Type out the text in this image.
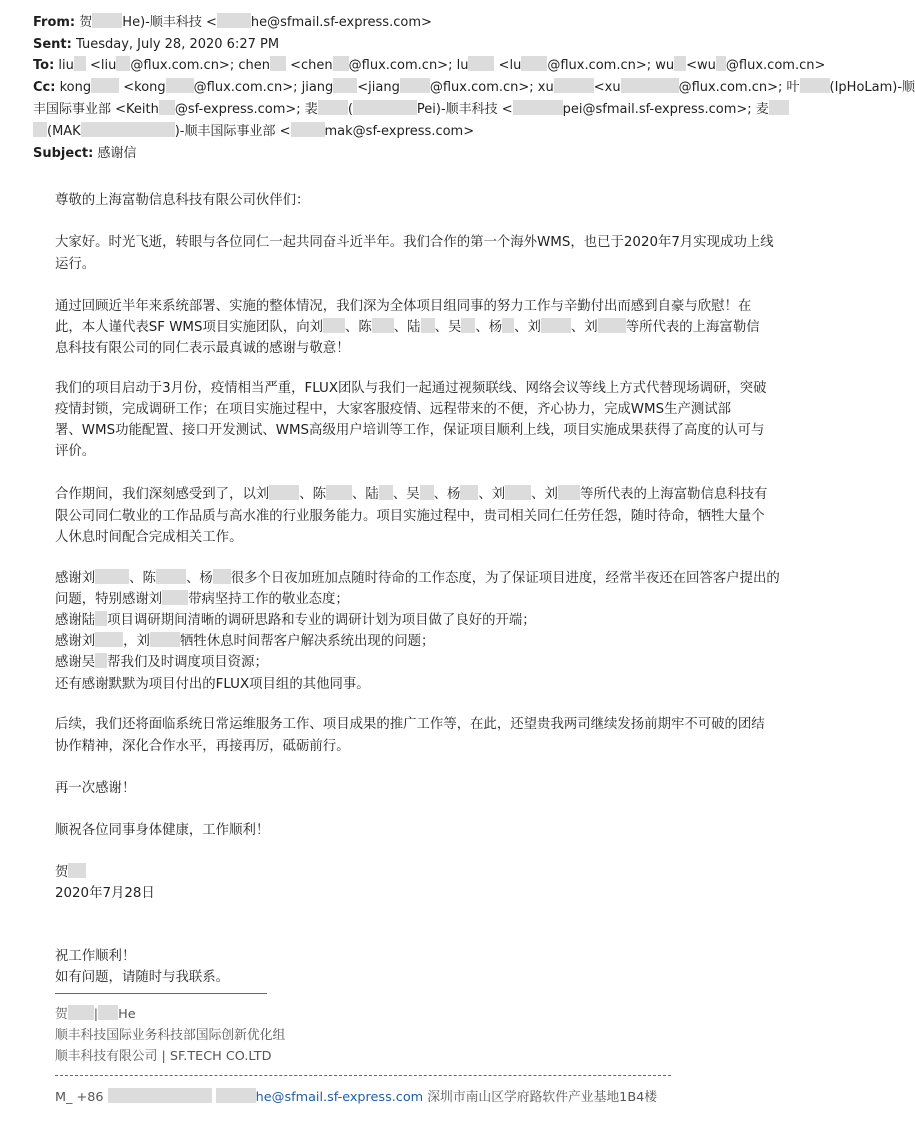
From: 贺 He)-顺丰科技 <	he@sfmail.sf-express.com>
Sent: Tuesday, July 28, 2020 6:27 PM
To: liu <liu @flux.com.cn>; chen <chen @flux.com.cn>; lu <lu @flux.com.cn>; wu <wu @flux.com.cn>
Cc: kong <kong @flux.com.cn>; jiang <jiang @flux.com.cn>; xu	<xu	@flux.com.cn>; 叶 (IpHoLam)-顺
丰国际事业部 <Keith @sf-express.com>; 裴 (	Pei)-顺丰科技 <	pei@sfmail.sf-express.com>; 麦
(MAK	)-顺丰国际事业部 <	mak@sf-express.com>
Subject: 感谢信
尊敬的上海富勒信息科技有限公司伙伴们：
大家好。时光飞逝，转眼与各位同仁一起共同奋斗近半年。我们合作的第一个海外WMS，也已于2020年7月实现成功上线
运行。
通过回顾近半年来系统部署、实施的整体情况，我们深为全体项目组同事的努力工作与辛勤付出而感到自豪与欣慰！在
此，本人谨代表SF WMS项目实施团队，向刘 、陈 、陆 、吴 、杨 、刘 、刘 等所代表的上海富勒信
息科技有限公司的同仁表示最真诚的感谢与敬意！
我们的项目启动于3月份，疫情相当严重，FLUX团队与我们一起通过视频联线、网络会议等线上方式代替现场调研，突破
疫情封锁，完成调研工作；在项目实施过程中，大家客服疫情、远程带来的不便，齐心协力，完成WMS生产测试部
署、WMS功能配置、接口开发测试、WMS高级用户培训等工作，保证项目顺利上线，项目实施成果获得了高度的认可与
评价。
合作期间，我们深刻感受到了，以刘 、陈 、陆 、吴 、杨 、刘 、刘 等所代表的上海富勒信息科技有
限公司同仁敬业的工作品质与高水准的行业服务能力。项目实施过程中，贵司相关同仁任劳任怨，随时待命，牺牲大量个
人休息时间配合完成相关工作。
感谢刘	、陈 、杨 很多个日夜加班加点随时待命的工作态度，为了保证项目进度，经常半夜还在回答客户提出的
问题，特别感谢刘 带病坚持工作的敬业态度；
感谢陆 项目调研期间清晰的调研思路和专业的调研计划为项目做了良好的开端；
感谢刘 ，刘 牺牲休息时间帮客户解决系统出现的问题；
感谢吴 帮我们及时调度项目资源；
还有感谢默默为项目付出的FLUX项目组的其他同事。
后续，我们还将面临系统日常运维服务工作、项目成果的推广工作等，在此，还望贵我两司继续发扬前期牢不可破的团结
协作精神，深化合作水平，再接再厉，砥砺前行。
再一次感谢！
顺祝各位同事身体健康，工作顺利！
贺
2020年7月28日
祝工作顺利！
如有问题，请随时与我联系。
贺 | He
顺丰科技国际业务科技部国际创新优化组
顺丰科技有限公司 | SF.TECH CO.LTD
M_ +86	he@sfmail.sf-express.com 深圳市南山区学府路软件产业基地1B4楼
